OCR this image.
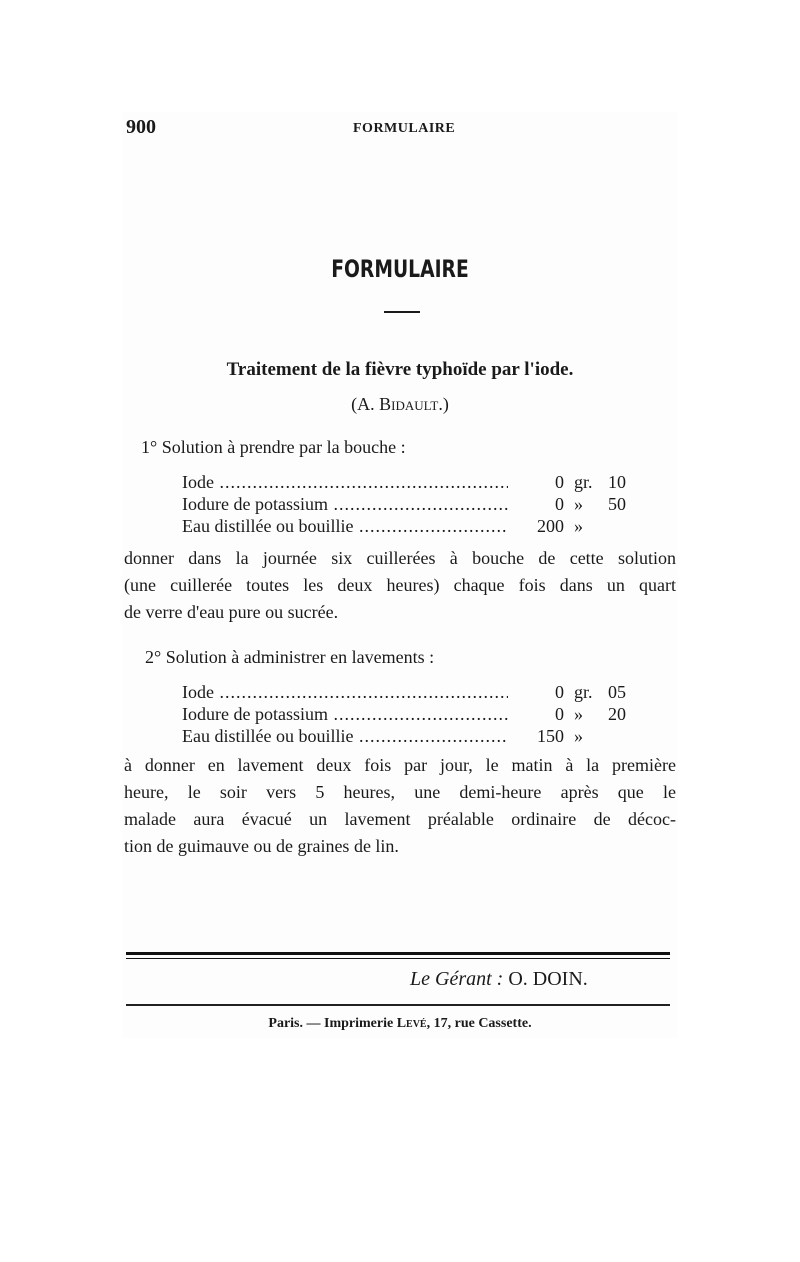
900	FORMULAIRE
FORMULAIRE
Traitement de la fièvre typhoïde par l'iode.
(A. Bidault.)
1° Solution à prendre par la bouche :
Iode .....	0 gr. 10
Iodure de potassium .....	0 »	50
Eau distillée ou bouillie .....	200 »
donner dans la journée six cuillerées à bouche de cette solution
(une cuillerée toutes les deux heures) chaque fois dans un quart
de verre d'eau pure ou sucrée.
2° Solution à administrer en lavements :
Iode .....	0 gr. 05
Iodure de potassium .....	0 »	20
Eau distillée ou bouillie .....	150 »
à donner en lavement deux fois par jour, le matin à la première
heure, le soir vers 5 heures, une demi-heure après que le
malade aura évacué un lavement préalable ordinaire de décoc-
tion de guimauve ou de graines de lin.
Le Gérant : O. DOIN.
Paris. — Imprimerie Levé, 17, rue Cassette.
